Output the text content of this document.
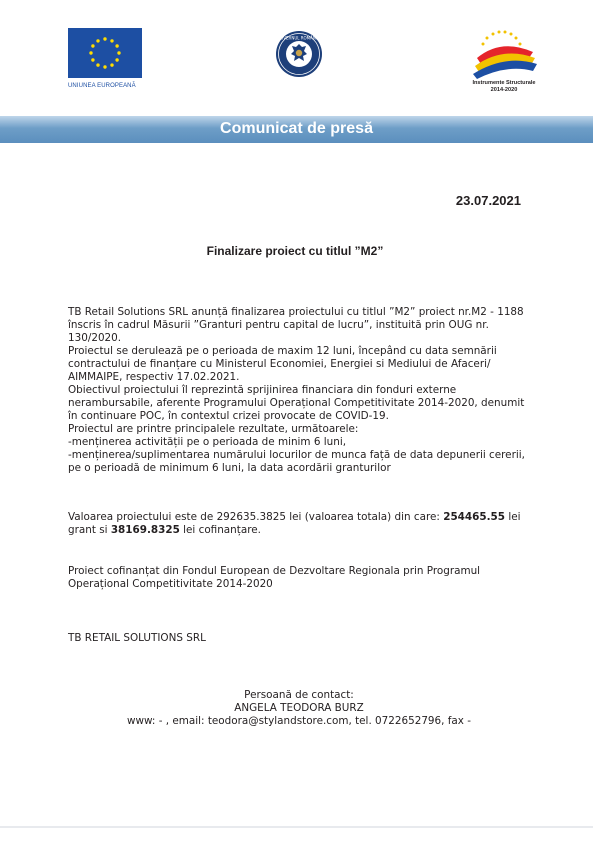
UNIUNEA EUROPEANĂ
GUVERNUL ROMÂNIEI
Instrumente Structurale
2014-2020
Comunicat de presă
23.07.2021
Finalizare proiect cu titlul ”M2”

TB Retail Solutions SRL anunță finalizarea proiectului cu titlul ”M2” proiect nr.M2 - 1188 înscris în cadrul Măsurii ”Granturi pentru capital de lucru”, instituită prin OUG nr. 130/2020.

Proiectul se derulează pe o perioada de maxim 12 luni, începând cu data semnării contractului de finanțare cu Ministerul Economiei, Energiei si Mediului de Afaceri/ AIMMAIPE, respectiv 17.02.2021.

Obiectivul proiectului îl reprezintă sprijinirea financiara din fonduri externe nerambursabile, aferente Programului Operațional Competitivitate 2014-2020, denumit în continuare POC, în contextul crizei provocate de COVID-19.

Proiectul are printre principalele rezultate, următoarele:

-menținerea activității pe o perioada de minim 6 luni,

-menținerea/suplimentarea numărului locurilor de munca față de data depunerii cererii, pe o perioadă de minimum 6 luni, la data acordării granturilor

Valoarea proiectului este de 292635.3825 lei (valoarea totala) din care: 254465.55 lei grant si 38169.8325 lei cofinanțare.
Proiect cofinanțat din Fondul European de Dezvoltare Regionala prin Programul Operațional Competitivitate 2014-2020
TB RETAIL SOLUTIONS SRL
Persoană de contact:
ANGELA TEODORA BURZ
www: - , email: teodora@stylandstore.com, tel. 0722652796, fax -
